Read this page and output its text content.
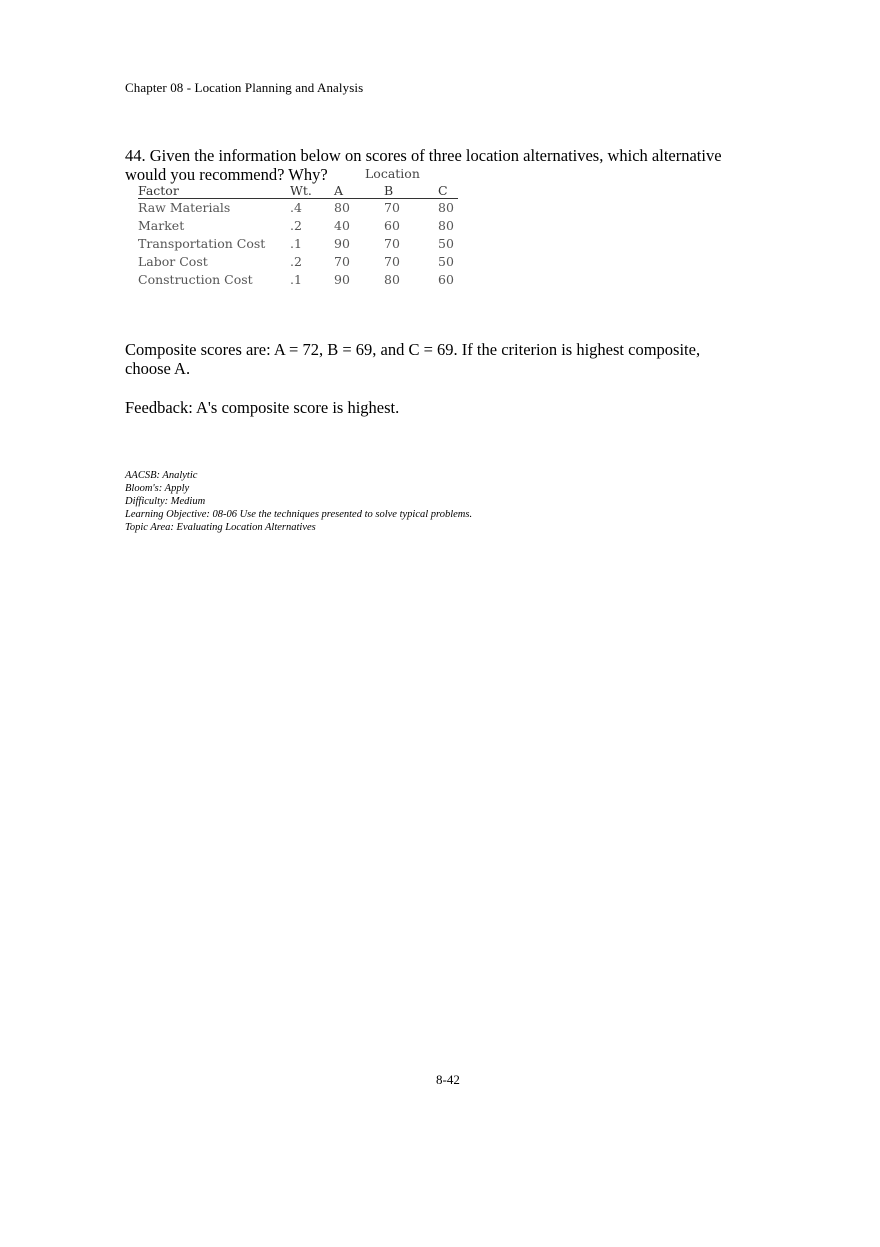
Chapter 08 - Location Planning and Analysis
44. Given the information below on scores of three location alternatives, which alternative
would you recommend? Why?	Location
Factor	Wt.	A	B	C
Raw Materials	.4	80	70	80
Market	.2	40	60	80
Transportation Cost	.1	90	70	50
Labor Cost	.2	70	70	50
Construction Cost	.1	90	80	60
Composite scores are: A = 72, B = 69, and C = 69. If the criterion is highest composite,
choose A.
Feedback: A's composite score is highest.
AACSB: Analytic
Bloom's: Apply
Difficulty: Medium
Learning Objective: 08-06 Use the techniques presented to solve typical problems.
Topic Area: Evaluating Location Alternatives
8-42
